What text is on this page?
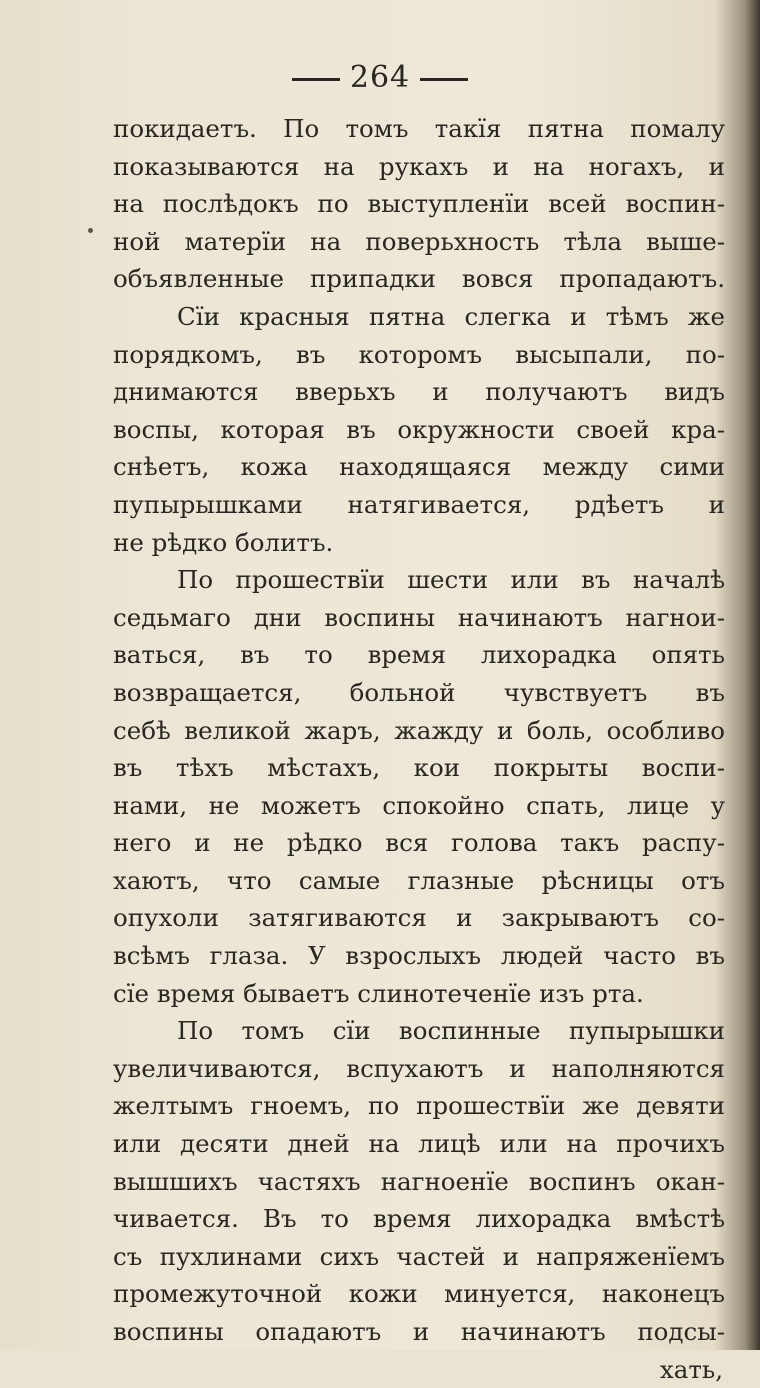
264
покидаетъ. По томъ такїя пятна помалу
показываются на рукахъ и на ногахъ, и
на послѣдокъ по выступленїи всей воспин-
ной матерїи на поверьхность тѣла выше-
объявленные припадки вовся пропадаютъ.
Сїи красныя пятна слегка и тѣмъ же
порядкомъ, въ которомъ высыпали, по-
днимаются вверьхъ и получаютъ видъ
воспы, которая въ окружности своей кра-
снѣетъ, кожа находящаяся между сими
пупырышками натягивается, рдѣетъ и
не рѣдко болитъ.
По прошествїи шести или въ началѣ
седьмаго дни воспины начинаютъ нагнои-
ваться, въ то время лихорадка опять
возвращается, больной чувствуетъ въ
себѣ великой жаръ, жажду и боль, особливо
въ тѣхъ мѣстахъ, кои покрыты воспи-
нами, не можетъ спокойно спать, лице у
него и не рѣдко вся голова такъ распу-
хаютъ, что самые глазные рѣсницы отъ
опухоли затягиваются и закрываютъ со-
всѣмъ глаза. У взрослыхъ людей часто въ
сїе время бываетъ слинотеченїе изъ рта.
По томъ сїи воспинные пупырышки
увеличиваются, вспухаютъ и наполняются
желтымъ гноемъ, по прошествїи же девяти
или десяти дней на лицѣ или на прочихъ
вышшихъ частяхъ нагноенїе воспинъ окан-
чивается. Въ то время лихорадка вмѣстѣ
съ пухлинами сихъ частей и напряженїемъ
промежуточной кожи минуется, наконецъ
воспины опадаютъ и начинаютъ подсы-
хать,
